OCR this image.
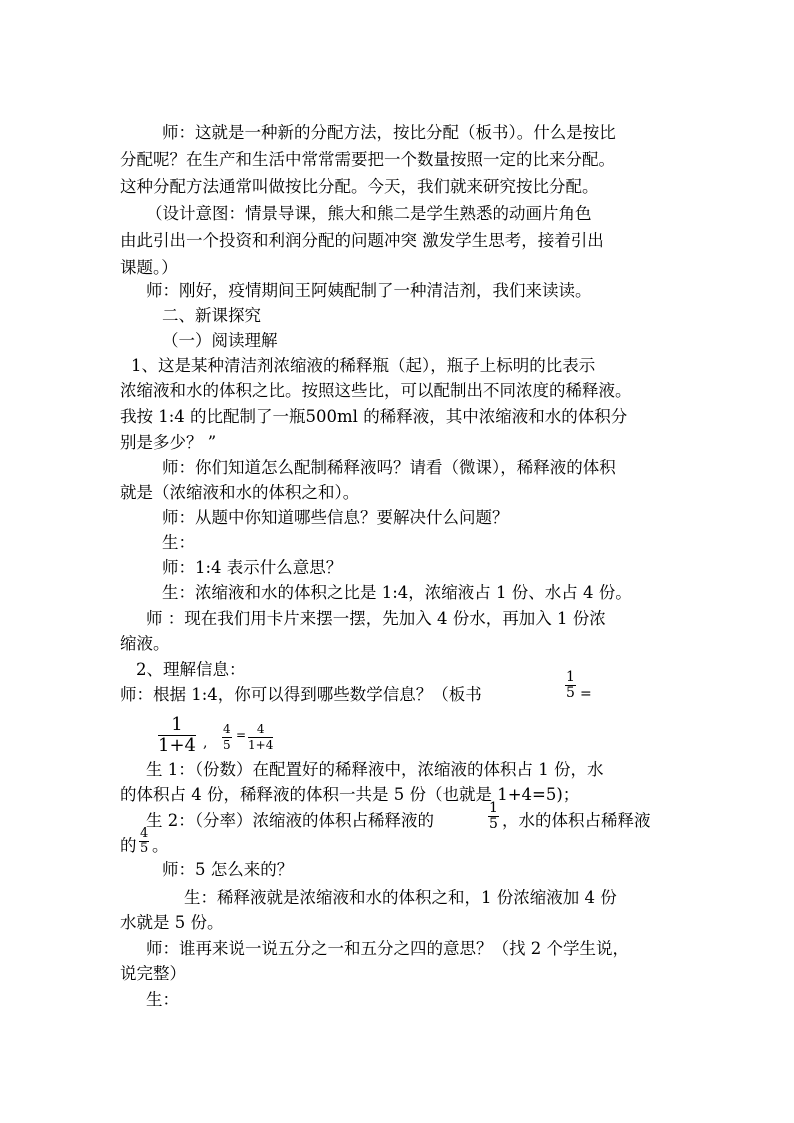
师：这就是一种新的分配方法，按比分配（板书）。什么是按比
分配呢？在生产和生活中常常需要把一个数量按照一定的比来分配。
这种分配方法通常叫做按比分配。今天，我们就来研究按比分配。
（设计意图：情景导课，熊大和熊二是学生熟悉的动画片角色
由此引出一个投资和利润分配的问题冲突 激发学生思考，接着引出
课题。）
师：刚好，疫情期间王阿姨配制了一种清洁剂，我们来读读。
二、新课探究
（一）阅读理解
1、这是某种清洁剂浓缩液的稀释瓶（起），瓶子上标明的比表示
浓缩液和水的体积之比。按照这些比，可以配制出不同浓度的稀释液。
我按 1:4 的比配制了一瓶500ml 的稀释液，其中浓缩液和水的体积分
别是多少？ ”
师：你们知道怎么配制稀释液吗？请看（微课），稀释液的体积
就是（浓缩液和水的体积之和）。
师：从题中你知道哪些信息？要解决什么问题？
生：
师：1:4 表示什么意思？
生：浓缩液和水的体积之比是 1:4，浓缩液占 1 份、水占 4 份。
师 ：现在我们用卡片来摆一摆，先加入 4 份水，再加入 1 份浓
缩液。
2、理解信息：
师：根据 1:4，你可以得到哪些数学信息？（板书
1
5 =
1
1+4 ,
4
5
= 4
1+4
生 1：（份数）在配置好的稀释液中，浓缩液的体积占 1 份，水
的体积占 4 份，稀释液的体积一共是 5 份（也就是 1+4=5)；
生 2：（分率）浓缩液的体积占稀释液的
1
5 ，水的体积占稀释液
的
4
5 。
师：5 怎么来的？
生：稀释液就是浓缩液和水的体积之和，1 份浓缩液加 4 份
水就是 5 份。
师：谁再来说一说五分之一和五分之四的意思？（找 2 个学生说，
说完整）
生：
